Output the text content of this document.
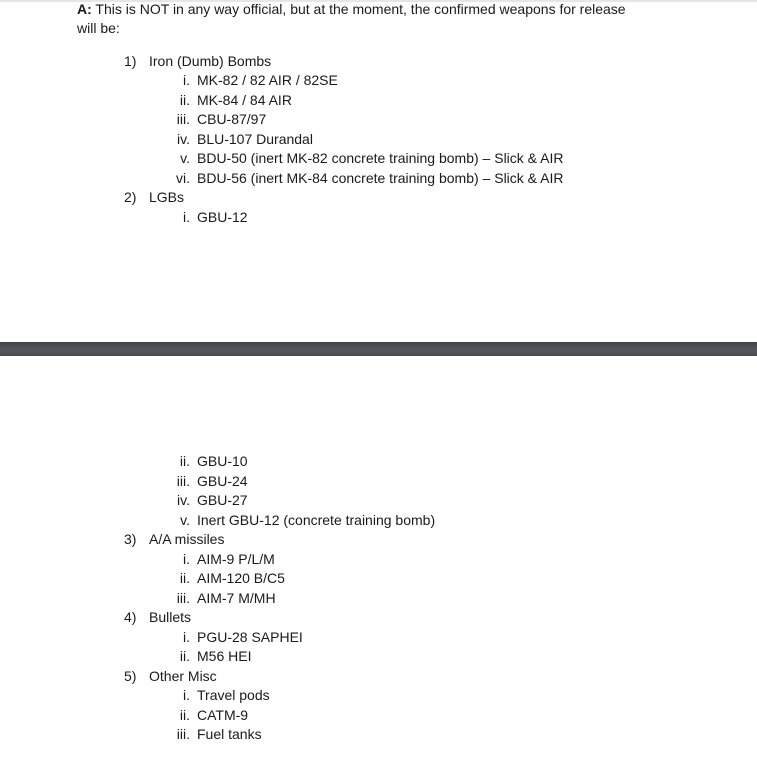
A: This is NOT in any way official, but at the moment, the confirmed weapons for release
will be:

1) Iron (Dumb) Bombs
i. MK-82 / 82 AIR / 82SE
ii. MK-84 / 84 AIR
iii. CBU-87/97
iv. BLU-107 Durandal
v. BDU-50 (inert MK-82 concrete training bomb) – Slick & AIR
vi. BDU-56 (inert MK-84 concrete training bomb) – Slick & AIR
2) LGBs
i. GBU-12
ii. GBU-10
iii. GBU-24
iv. GBU-27
v. Inert GBU-12 (concrete training bomb)
3) A/A missiles
i. AIM-9 P/L/M
ii. AIM-120 B/C5
iii. AIM-7 M/MH
4) Bullets
i. PGU-28 SAPHEI
ii. M56 HEI
5) Other Misc
i. Travel pods
ii. CATM-9
iii. Fuel tanks
